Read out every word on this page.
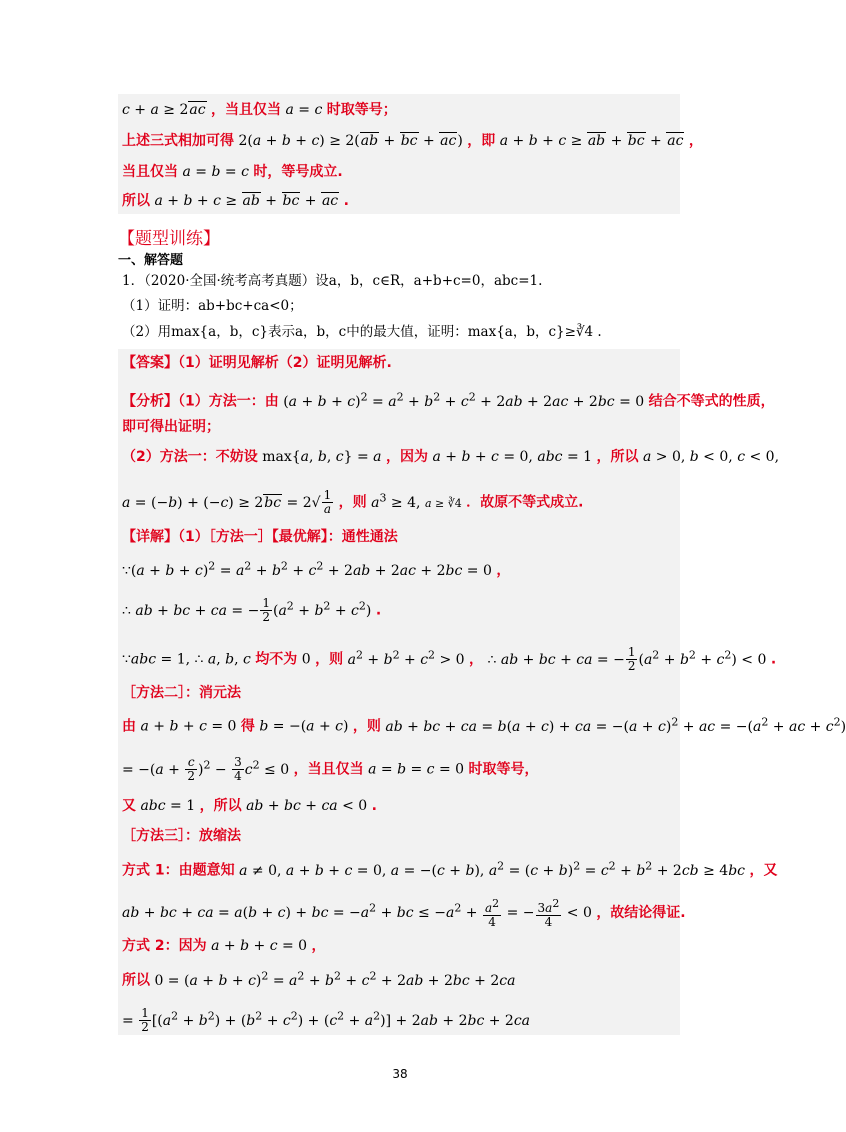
c + a ≥ 2ac ，当且仅当 a = c 时取等号；
上述三式相加可得 2(a + b + c) ≥ 2(ab + bc + ac) ，即 a + b + c ≥ ab + bc + ac ，
当且仅当 a = b = c 时，等号成立.
所以 a + b + c ≥ ab + bc + ac .
【题型训练】
一、解答题
1．（2020·全国·统考高考真题）设a，b，c∈R，a+b+c=0，abc=1.
（1）证明：ab+bc+ca<0；
（2）用max{a，b，c}表示a，b，c中的最大值，证明：max{a，b，c}≥∛4 .
【答案】（1）证明见解析（2）证明见解析.
【分析】（1）方法一：由 $(a + b + c)^2 = a^2 + b^2 + c^2 + 2ab + 2ac + 2bc = 0$ 结合不等式的性质，
即可得出证明；
（2）方法一：不妨设 max{a, b, c} = a ，因为 a + b + c = 0, abc = 1 ，所以 a > 0, b < 0, c < 0,
$a = (-b) + (-c) \ge 2bc = 2√ \frac{1}{a}$ ，则 $a^3 \ge 4$, a ≥ ∛4 ．故原不等式成立.
【详解】（1）［方法一］【最优解】：通性通法
∵(a + $b + c)^2 = a^2 + b^2 + c^2 + 2ab + 2ac + 2bc = 0$ ，
∴ ab + bc + ca = − $\frac{1}{2} (a^2 + b^2 + c^2)$ .
∵abc = 1, ∴ a, b, c 均不为 0 ，则 $a^2 + b^2 + c^2 > 0$ ， ∴ ab + bc + ca = − $\frac{1}{2} (a^2 + b^2 + c^2) < 0$ .
［方法二］：消元法
由 a + b + c = 0 得 b = −(a + c) ，则 ab + bc + ca = b(a + c) + ca = $-(a + c)^2$ + ac = $-(a^2$ + ac + $c^2$)
= $-(a + \frac{c}{2} )^2 - \frac{3}{4} c^2 \le 0$ ，当且仅当 a = b = c = 0 时取等号，
又 abc = 1 ，所以 ab + bc + ca < 0 .
［方法三］：放缩法
方式 1：由题意知 a ≠ 0, a + b + c = 0, a = −(c + b), $a^2 = (c + b)^2 = c^2 + b^2 + 2cb \ge 4bc$ ，又
ab + bc + ca = a(b + c) + bc = $-a^2$ + bc ≤ $-a^2 + \frac{a^2}{4}$ = − $\frac{3a^2}{4} < 0$ ，故结论得证.
方式 2：因为 a + b + c = 0 ，
所以 $0 = (a + b + c)^2 = a^2 + b^2 + c^2 + 2ab + 2bc + 2ca$
= $\frac{1}{2} [(a^2 + b^2) + (b^2 + c^2) + (c^2 + a^2)] + 2ab + 2bc + 2ca$
38
